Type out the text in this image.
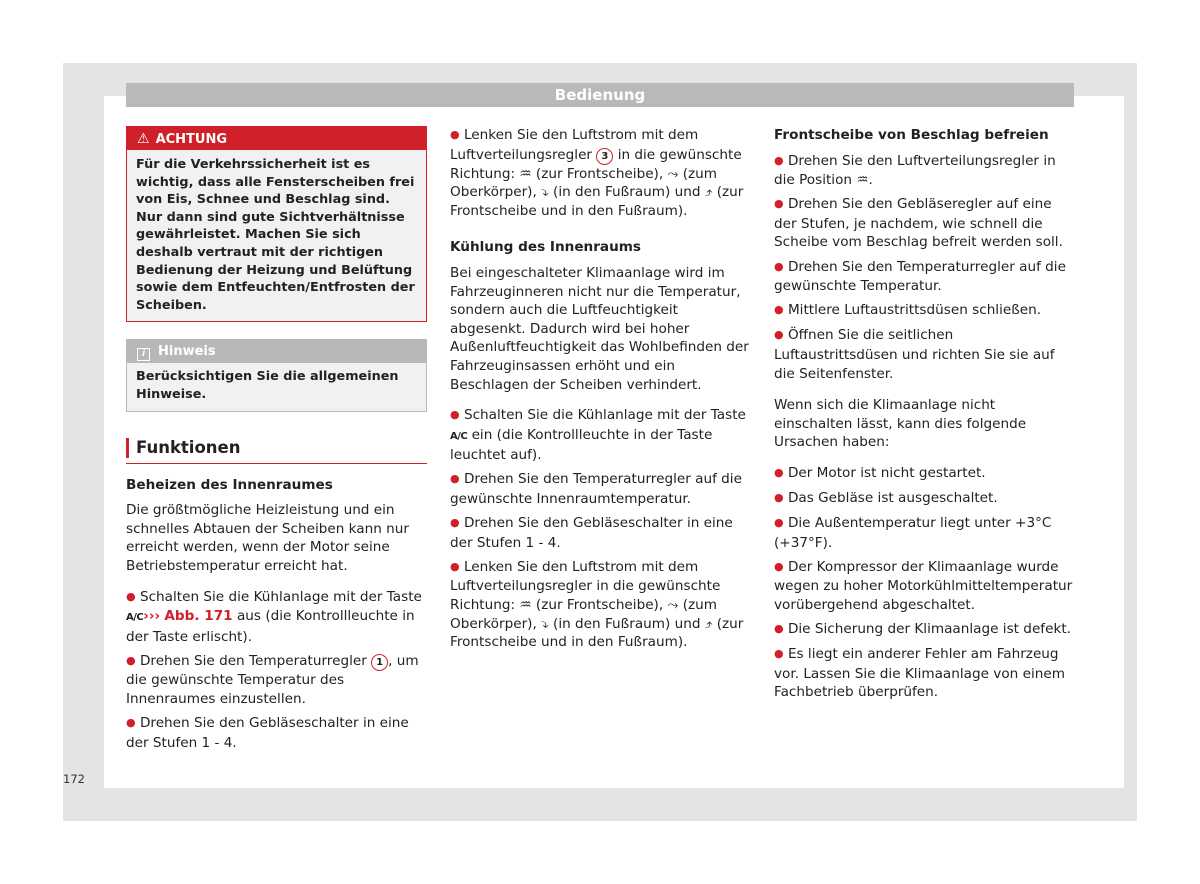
Bedienung
⚠ ACHTUNG
Für die Verkehrssicherheit ist es wichtig, dass alle Fensterscheiben frei von Eis, Schnee und Beschlag sind. Nur dann sind gute Sichtverhältnisse gewährleistet. Machen Sie sich deshalb vertraut mit der richtigen Bedienung der Heizung und Belüftung sowie dem Entfeuchten/Entfrosten der Scheiben.
i Hinweis
Berücksichtigen Sie die allgemeinen Hinweise.
Funktionen

Beheizen des Innenraumes

Die größtmögliche Heizleistung und ein schnelles Abtauen der Scheiben kann nur erreicht werden, wenn der Motor seine Betriebstemperatur erreicht hat.

● Schalten Sie die Kühlanlage mit der Taste A/C››› Abb. 171 aus (die Kontrollleuchte in der Taste erlischt).

● Drehen Sie den Temperaturregler 1 , um die gewünschte Temperatur des Innenraumes einzustellen.

● Drehen Sie den Gebläseschalter in eine der Stufen 1 - 4.

● Lenken Sie den Luftstrom mit dem Luftverteilungsregler 3 in die gewünschte Richtung: ♒ (zur Frontscheibe), ⤳ (zum Oberkörper), ⤵ (in den Fußraum) und ⤴ (zur Frontscheibe und in den Fußraum).

Kühlung des Innenraums

Bei eingeschalteter Klimaanlage wird im Fahrzeuginneren nicht nur die Temperatur, sondern auch die Luftfeuchtigkeit abgesenkt. Dadurch wird bei hoher Außenluftfeuchtigkeit das Wohlbefinden der Fahrzeuginsassen erhöht und ein Beschlagen der Scheiben verhindert.

● Schalten Sie die Kühlanlage mit der Taste A/C ein (die Kontrollleuchte in der Taste leuchtet auf).

● Drehen Sie den Temperaturregler auf die gewünschte Innenraumtemperatur.

● Drehen Sie den Gebläseschalter in eine der Stufen 1 - 4.

● Lenken Sie den Luftstrom mit dem Luftverteilungsregler in die gewünschte Richtung: ♒ (zur Frontscheibe), ⤳ (zum Oberkörper), ⤵ (in den Fußraum) und ⤴ (zur Frontscheibe und in den Fußraum).

Frontscheibe von Beschlag befreien

● Drehen Sie den Luftverteilungsregler in die Position ♒.

● Drehen Sie den Gebläseregler auf eine der Stufen, je nachdem, wie schnell die Scheibe vom Beschlag befreit werden soll.

● Drehen Sie den Temperaturregler auf die gewünschte Temperatur.

● Mittlere Luftaustrittsdüsen schließen.

● Öffnen Sie die seitlichen Luftaustrittsdüsen und richten Sie sie auf die Seitenfenster.

Wenn sich die Klimaanlage nicht einschalten lässt, kann dies folgende Ursachen haben:

● Der Motor ist nicht gestartet.

● Das Gebläse ist ausgeschaltet.

● Die Außentemperatur liegt unter +3°C (+37°F).

● Der Kompressor der Klimaanlage wurde wegen zu hoher Motorkühlmitteltemperatur vorübergehend abgeschaltet.

● Die Sicherung der Klimaanlage ist defekt.

● Es liegt ein anderer Fehler am Fahrzeug vor. Lassen Sie die Klimaanlage von einem Fachbetrieb überprüfen.

172
